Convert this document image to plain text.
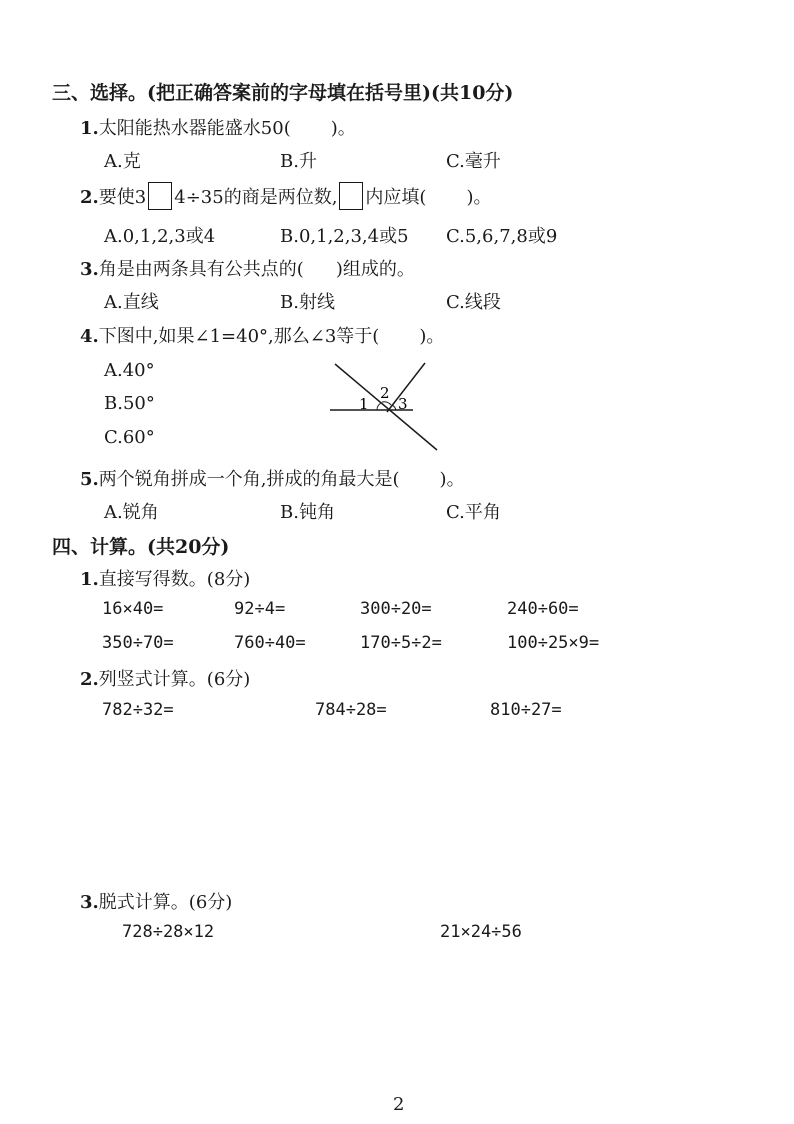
三、选择。(把正确答案前的字母填在括号里)(共10分)
1.太阳能热水器能盛水50( )。
A.克	B.升	C.毫升
2.要使3 4÷35的商是两位数, 内应填( )。
A.0,1,2,3或4	B.0,1,2,3,4或5 C.5,6,7,8或9
3.角是由两条具有公共点的( )组成的。
A.直线	B.射线	C.线段
4.下图中,如果∠1=40°,那么∠3等于( )。
A.40°
B.50°
C.60°
1
2
3
5.两个锐角拼成一个角,拼成的角最大是( )。
A.锐角	B.钝角	C.平角
四、计算。(共20分)
1.直接写得数。(8分)
16×40=	92÷4=	300÷20=	240÷60=
350÷70=	760÷40=	170÷5÷2=	100÷25×9=
2.列竖式计算。(6分)
782÷32=	784÷28=	810÷27=
3.脱式计算。(6分)
728÷28×12	21×24÷56
2
